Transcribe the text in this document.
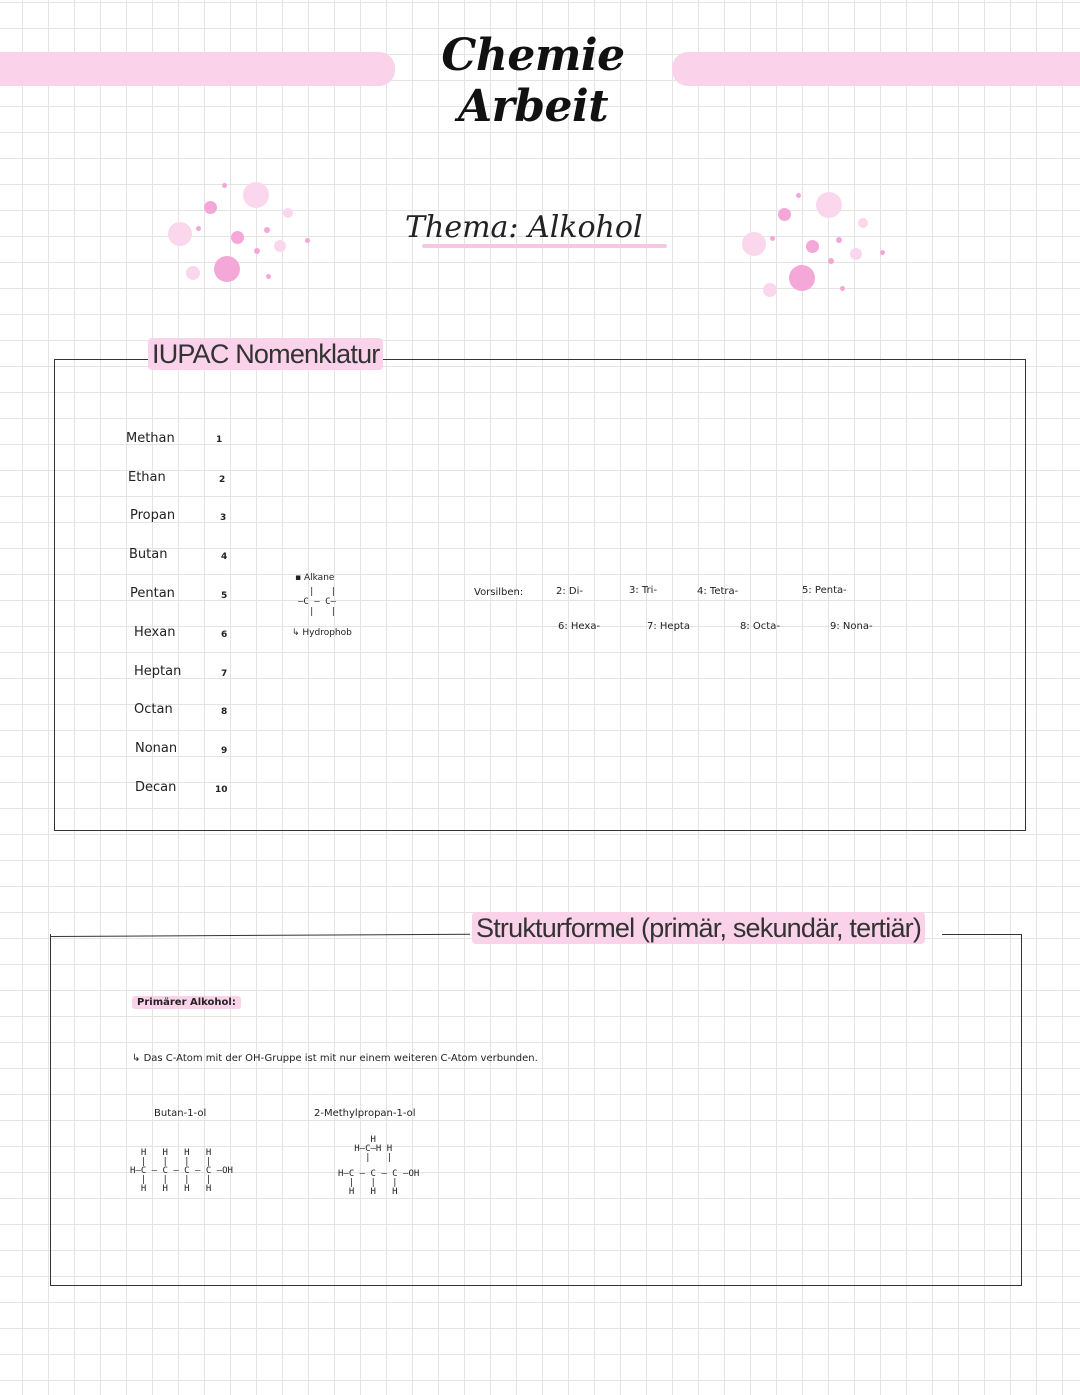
Chemie Arbeit
Thema: Alkohol
IUPAC Nomenklatur
Methan	1
Ethan	2
Propan	3
Butan	4
Pentan	5
Hexan	6
Heptan	7
Octan	8
Nonan	9
Decan	10
▪ Alkane
|   |
–C – C–
|   |
↳ Hydrophob
Vorsilben:	2: Di-	3: Tri-	4: Tetra-	5: Penta-
6: Hexa-	7: Hepta	8: Octa-	9: Nona-
Strukturformel (primär, sekundär, tertiär)
Primärer Alkohol:
↳ Das C-Atom mit der OH-Gruppe ist mit nur einem weiteren C-Atom verbunden.
Butan-1-ol
H   H   H   H
|   |   |   |
H–C – C – C – C –OH
|   |   |   |
H   H   H   H
2-Methylpropan-1-ol
H
H–C–H H
|   |
H–C – C – C –OH
|   |   |
H   H   H
